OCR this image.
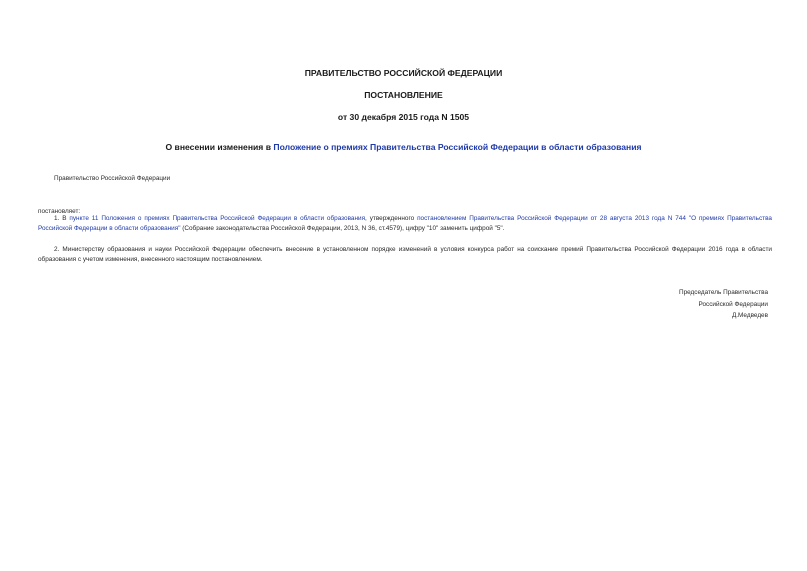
ПРАВИТЕЛЬСТВО РОССИЙСКОЙ ФЕДЕРАЦИИ
ПОСТАНОВЛЕНИЕ
от 30 декабря 2015 года N 1505
О внесении изменения в Положение о премиях Правительства Российской Федерации в области образования
Правительство Российской Федерации
постановляет:
1. В пункте 11 Положения о премиях Правительства Российской Федерации в области образования, утвержденного постановлением Правительства Российской Федерации от 28 августа 2013 года N 744 "О премиях Правительства Российской Федерации в области образования" (Собрание законодательства Российской Федерации, 2013, N 36, ст.4579), цифру "10" заменить цифрой "5".
2. Министерству образования и науки Российской Федерации обеспечить внесение в установленном порядке изменений в условия конкурса работ на соискание премий Правительства Российской Федерации 2016 года в области образования с учетом изменения, внесенного настоящим постановлением.
Председатель Правительства
Российской Федерации
Д.Медведев
